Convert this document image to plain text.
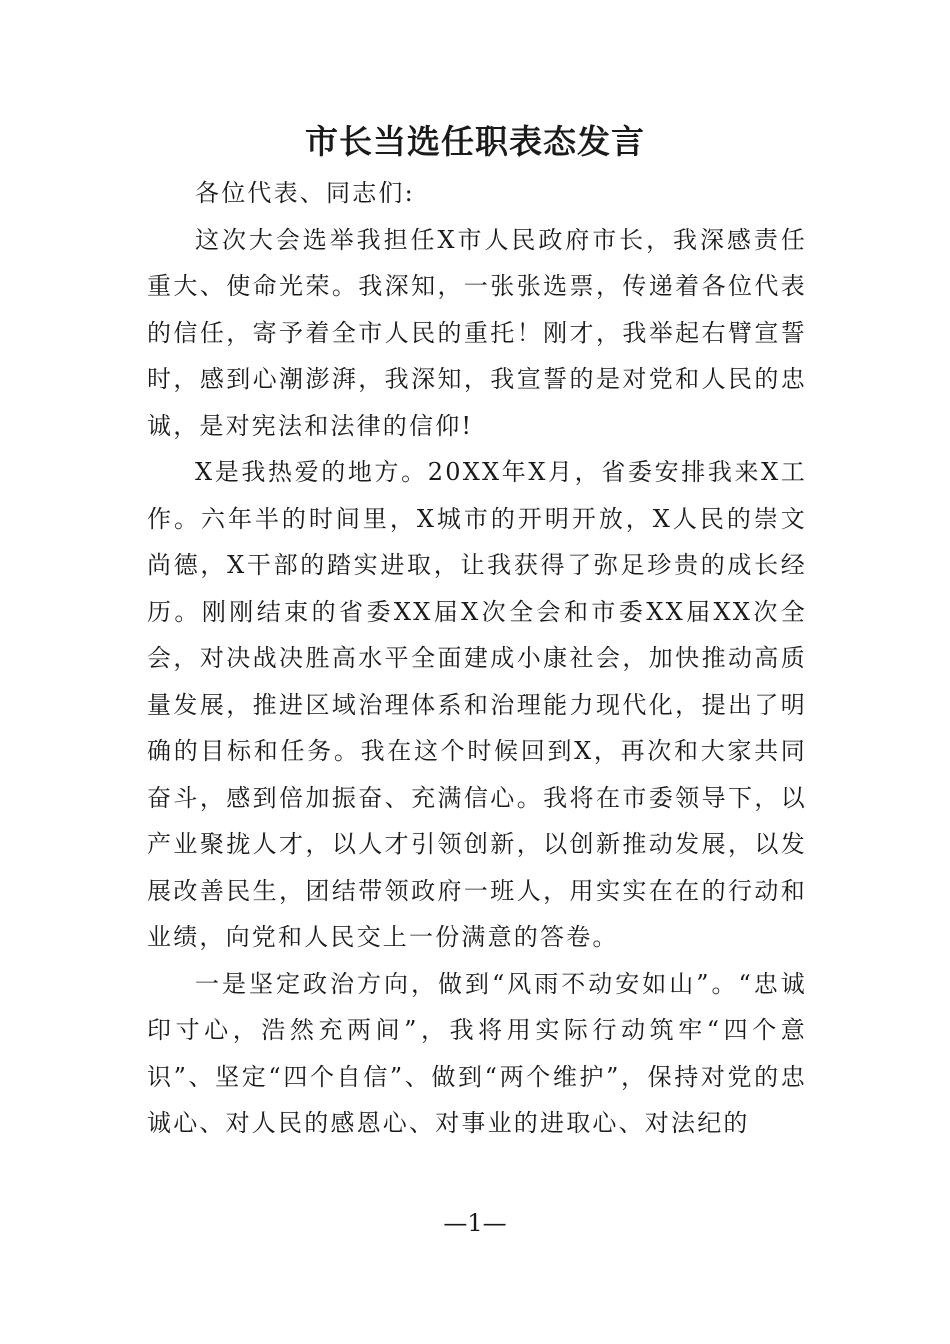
市长当选任职表态发言

各位代表、同志们:

这次大会选举我担任X市人民政府市长，我深感责任重大、使命光荣。我深知，一张张选票，传递着各位代表的信任，寄予着全市人民的重托！刚才，我举起右臂宣誓时，感到心潮澎湃，我深知，我宣誓的是对党和人民的忠诚，是对宪法和法律的信仰!

X是我热爱的地方。20XX年X月，省委安排我来X工作。六年半的时间里，X城市的开明开放，X人民的崇文尚德，X干部的踏实进取，让我获得了弥足珍贵的成长经历。刚刚结束的省委XX届X次全会和市委XX届XX次全会，对决战决胜高水平全面建成小康社会，加快推动高质量发展，推进区域治理体系和治理能力现代化，提出了明确的目标和任务。我在这个时候回到X，再次和大家共同奋斗，感到倍加振奋、充满信心。我将在市委领导下，以产业聚拢人才，以人才引领创新，以创新推动发展，以发展改善民生，团结带领政府一班人，用实实在在的行动和业绩，向党和人民交上一份满意的答卷。

一是坚定政治方向，做到“风雨不动安如山”。“忠诚印寸心，浩然充两间”，我将用实际行动筑牢“四个意识”、坚定“四个自信”、做到“两个维护”，保持对党的忠诚心、对人民的感恩心、对事业的进取心、对法纪的

—1—
